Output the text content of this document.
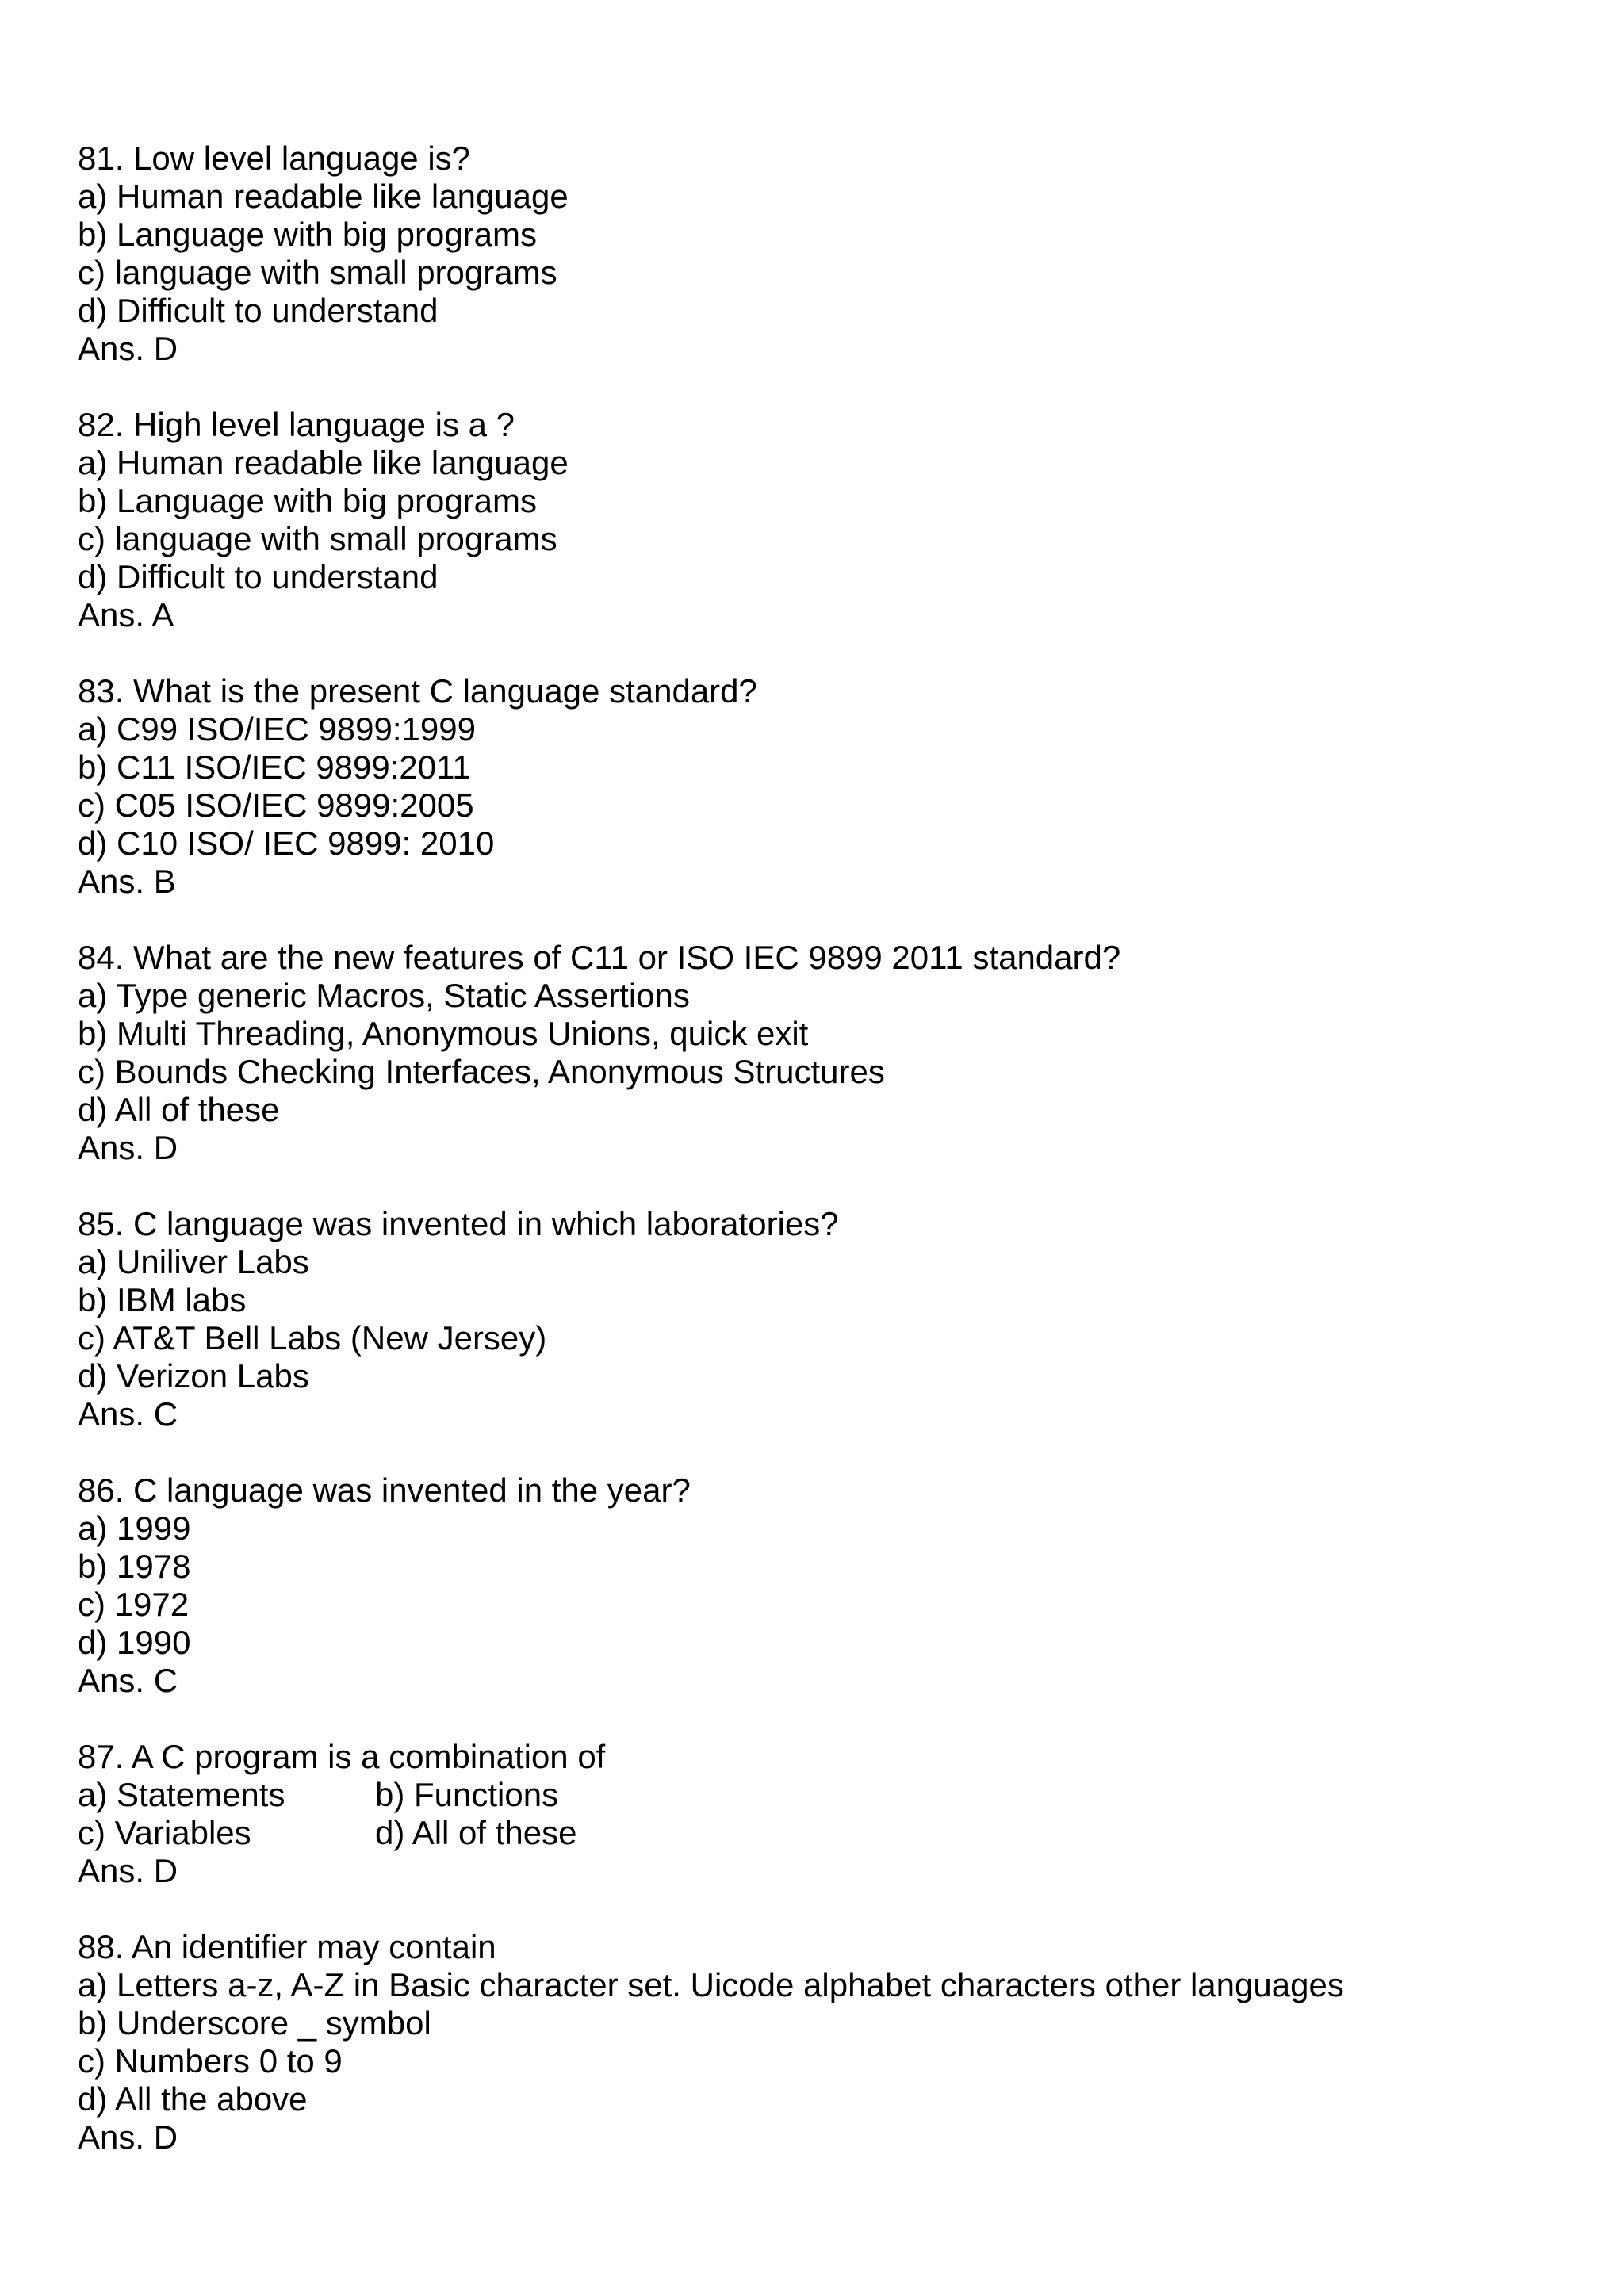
81. Low level language is?
a) Human readable like language
b) Language with big programs
c) language with small programs
d) Difficult to understand
Ans. D
82. High level language is a ?
a) Human readable like language
b) Language with big programs
c) language with small programs
d) Difficult to understand
Ans. A
83. What is the present C language standard?
a) C99 ISO/IEC 9899:1999
b) C11 ISO/IEC 9899:2011
c) C05 ISO/IEC 9899:2005
d) C10 ISO/ IEC 9899: 2010
Ans. B
84. What are the new features of C11 or ISO IEC 9899 2011 standard?
a) Type generic Macros, Static Assertions
b) Multi Threading, Anonymous Unions, quick exit
c) Bounds Checking Interfaces, Anonymous Structures
d) All of these
Ans. D
85. C language was invented in which laboratories?
a) Uniliver Labs
b) IBM labs
c) AT&T Bell Labs (New Jersey)
d) Verizon Labs
Ans. C
86. C language was invented in the year?
a) 1999
b) 1978
c) 1972
d) 1990
Ans. C
87. A C program is a combination of
a) Statements	b) Functions
c) Variables	d) All of these
Ans. D
88. An identifier may contain
a) Letters a-z, A-Z in Basic character set. Uicode alphabet characters other languages
b) Underscore _ symbol
c) Numbers 0 to 9
d) All the above
Ans. D
